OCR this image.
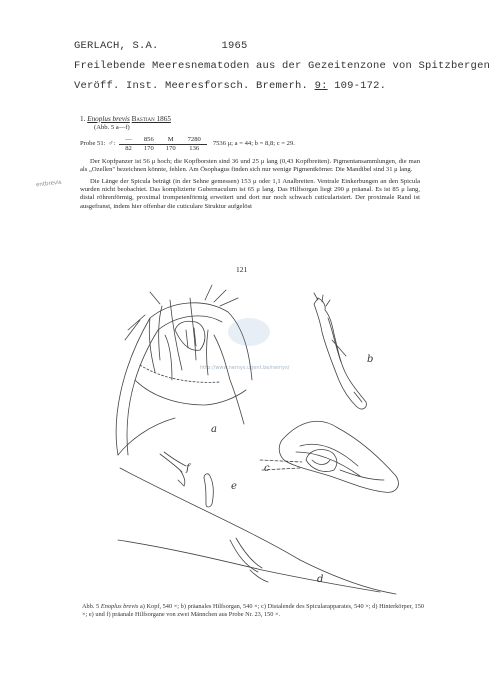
GERLACH, S.A.	1965
Freilebende Meeresnematoden aus der Gezeitenzone von Spitzbergen
Veröff. Inst. Meeresforsch. Bremerh. 9: 109-172.
entbrevis
1. Enoplus brevis Bastian 1865
(Abb. 5 a—f)
Probe 51: ♂:
—	856	M	7280
82	170	170	136
7536 μ; a = 44; b = 8,8; c = 29.

Der Kopfpanzer ist 56 μ hoch; die Kopfborsten sind 36 und 25 μ lang (0,43 Kopfbreiten). Pigmentansammlungen, die man als „Ozellen" bezeichnen könnte, fehlen. Am Ösophagus finden sich nur wenige Pigmentkörner. Die Mandibel sind 31 μ lang.

Die Länge der Spicula beträgt (in der Sehne gemessen) 153 μ oder 1,1 Analbreiten. Ventrale Einkerbungen an den Spicula wurden nicht beobachtet. Das komplizierte Gubernaculum ist 65 μ lang. Das Hilfsorgan liegt 290 μ präanal. Es ist 85 μ lang, distal röhrenförmig, proximal trompetenförmig erweitert und dort nur noch schwach cuticularisiert. Der proximale Rand ist ausgefranst, indem hier offenbar die cuticulare Struktur aufgelöst

121
http://www.nemys.ugent.be/nemys/
a
b
c
d
e
f
Abb. 5 Enoplus brevis a) Kopf, 540 ×; b) präanales Hilfsorgan, 540 ×; c) Distalende des Spicularapparates, 540 ×; d) Hinterkörper, 150 ×; e) und f) präanale Hilfsorgane von zwei Männchen aus Probe Nr. 23, 150 ×.
